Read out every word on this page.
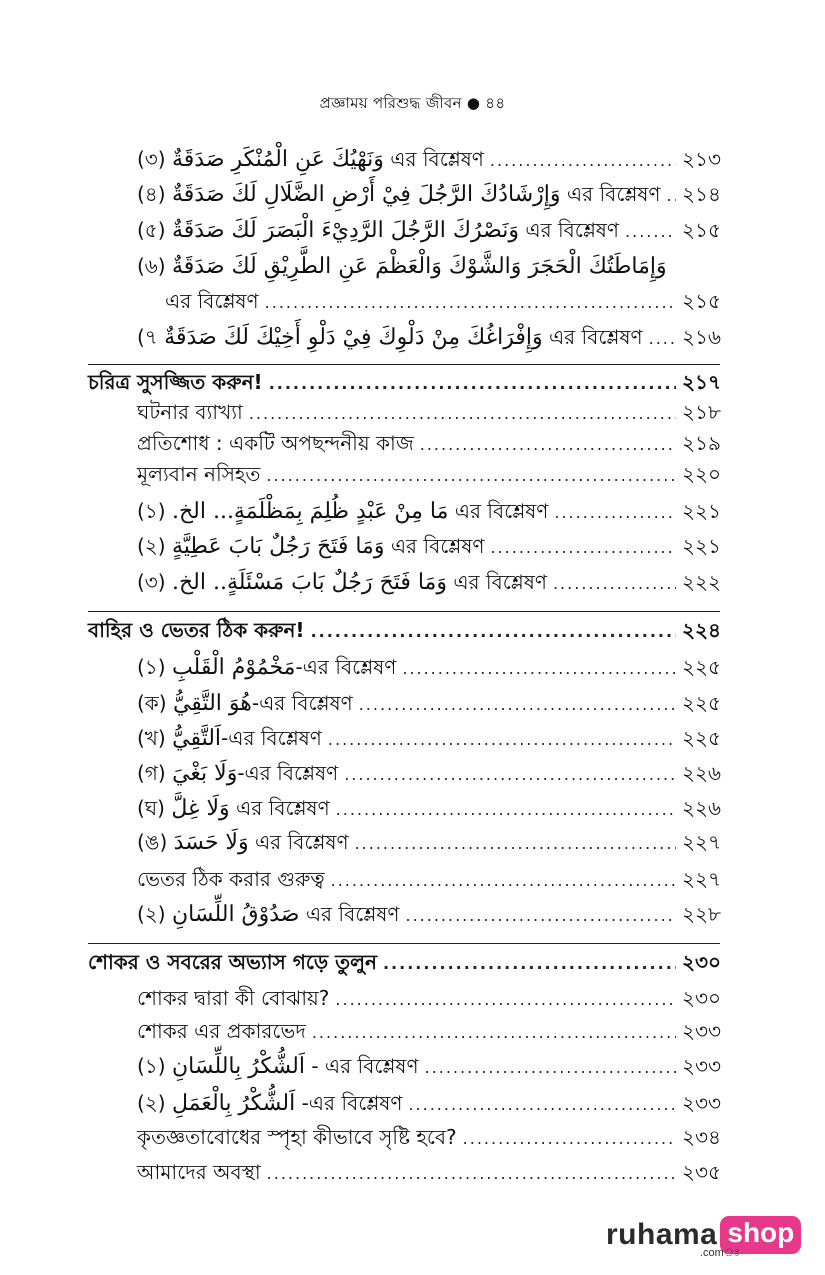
প্রজ্ঞাময় পরিশুদ্ধ জীবন ● ৪৪
(৩) وَنَهْيُكَ عَنِ الْمُنْكَرِ صَدَقَةٌ এর বিশ্লেষণ .....	২১৩
(৪) وَإِرْشَادُكَ الرَّجُلَ فِيْ أَرْضِ الضَّلَالِ لَكَ صَدَقَةٌ এর বিশ্লেষণ ..... ২১৪
(৫) وَنَصْرُكَ الرَّجُلَ الرَّدِيْءَ الْبَصَرَ لَكَ صَدَقَةٌ এর বিশ্লেষণ .....	২১৫
(৬) وَإِمَاطَتُكَ الْحَجَرَ وَالشَّوْكَ وَالْعَظْمَ عَنِ الطَّرِيْقِ لَكَ صَدَقَةٌ
এর বিশ্লেষণ .....	২১৫
(৭ وَإِفْرَاغُكَ مِنْ دَلْوِكَ فِيْ دَلْوِ أَخِيْكَ لَكَ صَدَقَةٌ এর বিশ্লেষণ ..... ২১৬
চরিত্র সুসজ্জিত করুন! .....	২১৭
ঘটনার ব্যাখ্যা .....	২১৮
প্রতিশোধ : একটি অপছন্দনীয় কাজ .....	২১৯
মূল্যবান নসিহত .....	২২০
(১) مَا مِنْ عَبْدٍ ظُلِمَ بِمَظْلَمَةٍ... الخ. এর বিশ্লেষণ .....	২২১
(২) وَمَا فَتَحَ رَجُلٌ بَابَ عَطِيَّةٍ এর বিশ্লেষণ .....	২২১
(৩) وَمَا فَتَحَ رَجُلٌ بَابَ مَسْئَلَةٍ.. الخ. এর বিশ্লেষণ .....	২২২
বাহির ও ভেতর ঠিক করুন! .....	২২৪
(১) مَخْمُوْمُ الْقَلْبِ-এর বিশ্লেষণ .....	২২৫
(ক) هُوَ التَّقِيُّ-এর বিশ্লেষণ .....	২২৫
(খ) اَلتَّقِيُّ-এর বিশ্লেষণ .....	২২৫
(গ) وَلَا بَغْيَ-এর বিশ্লেষণ .....	২২৬
(ঘ) وَلَا غِلَّ এর বিশ্লেষণ .....	২২৬
(ঙ) وَلَا حَسَدَ এর বিশ্লেষণ .....	২২৭
ভেতর ঠিক করার গুরুত্ব .....	২২৭
(২) صَدُوْقُ اللِّسَانِ এর বিশ্লেষণ .....	২২৮
শোকর ও সবরের অভ্যাস গড়ে তুলুন .....	২৩০
শোকর দ্বারা কী বোঝায়? .....	২৩০
শোকর এর প্রকারভেদ .....	২৩৩
(১) اَلشُّكْرُ بِاللِّسَانِ - এর বিশ্লেষণ .....	২৩৩
(২) اَلشُّكْرُ بِالْعَمَلِ -এর বিশ্লেষণ .....	২৩৩
কৃতজ্ঞতাবোধের স্পৃহা কীভাবে সৃষ্টি হবে? .....	২৩৪
আমাদের অবস্থা .....	২৩৫
ruhama shop
.comঃ
